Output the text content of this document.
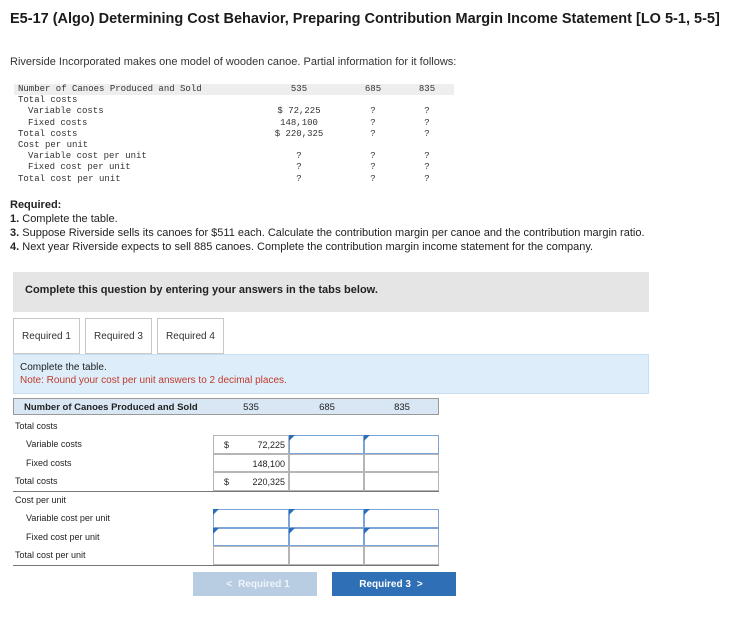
E5-17 (Algo) Determining Cost Behavior, Preparing Contribution Margin Income Statement [LO 5-1, 5-5]
Riverside Incorporated makes one model of wooden canoe. Partial information for it follows:
Number of Canoes Produced and Sold	535	685	835
Total costs
Variable costs	$ 72,225	?	?
Fixed costs	148,100	?	?
Total costs	$ 220,325	?	?
Cost per unit
Variable cost per unit	?	?	?
Fixed cost per unit	?	?	?
Total cost per unit	?	?	?
Required:
1. Complete the table.
3. Suppose Riverside sells its canoes for $511 each. Calculate the contribution margin per canoe and the contribution margin ratio.
4. Next year Riverside expects to sell 885 canoes. Complete the contribution margin income statement for the company.
Complete this question by entering your answers in the tabs below.
Required 1	Required 3	Required 4
Complete the table.
Note: Round your cost per unit answers to 2 decimal places.
Number of Canoes Produced and Sold	535	685	835
Total costs
Variable costs	$	72,225
Fixed costs	148,100
Total costs	$	220,325
Cost per unit
Variable cost per unit
Fixed cost per unit
Total cost per unit
< Required 1	Required 3 >
